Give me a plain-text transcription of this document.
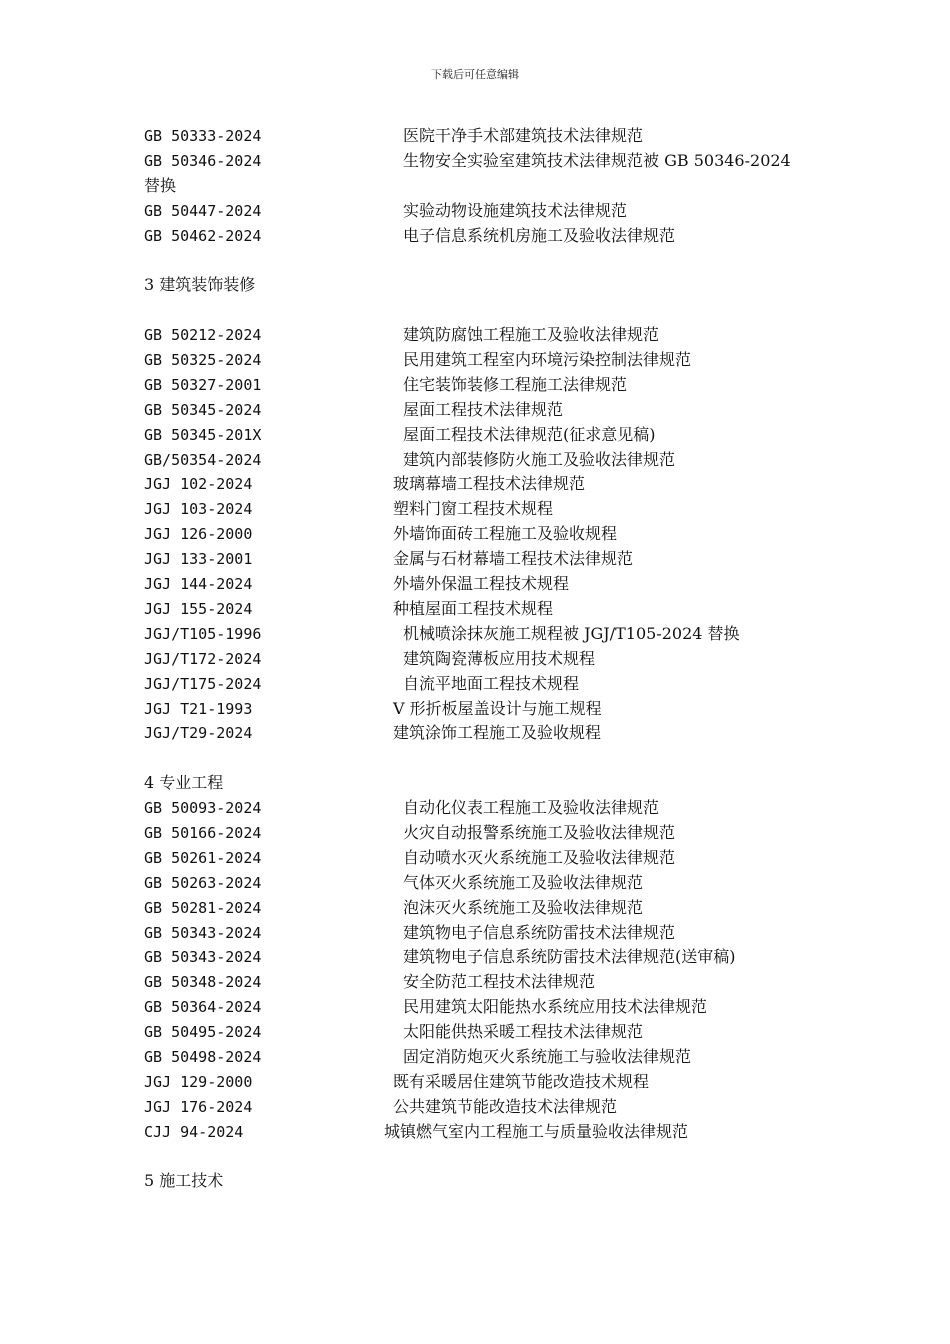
下载后可任意编辑
GB 50333-2024	医院干净手术部建筑技术法律规范
GB 50346-2024	生物安全实验室建筑技术法律规范被 GB 50346-2024 替换
GB 50447-2024	实验动物设施建筑技术法律规范
GB 50462-2024	电子信息系统机房施工及验收法律规范
3 建筑装饰装修
GB 50212-2024	建筑防腐蚀工程施工及验收法律规范
GB 50325-2024	民用建筑工程室内环境污染控制法律规范
GB 50327-2001	住宅装饰装修工程施工法律规范
GB 50345-2024	屋面工程技术法律规范
GB 50345-201X	屋面工程技术法律规范(征求意见稿)
GB/50354-2024	建筑内部装修防火施工及验收法律规范
JGJ 102-2024	玻璃幕墙工程技术法律规范
JGJ 103-2024	塑料门窗工程技术规程
JGJ 126-2000	外墙饰面砖工程施工及验收规程
JGJ 133-2001	金属与石材幕墙工程技术法律规范
JGJ 144-2024	外墙外保温工程技术规程
JGJ 155-2024	种植屋面工程技术规程
JGJ/T105-1996	机械喷涂抹灰施工规程被 JGJ/T105-2024 替换
JGJ/T172-2024	建筑陶瓷薄板应用技术规程
JGJ/T175-2024	自流平地面工程技术规程
JGJ T21-1993	V 形折板屋盖设计与施工规程
JGJ/T29-2024	建筑涂饰工程施工及验收规程
4 专业工程
GB 50093-2024	自动化仪表工程施工及验收法律规范
GB 50166-2024	火灾自动报警系统施工及验收法律规范
GB 50261-2024	自动喷水灭火系统施工及验收法律规范
GB 50263-2024	气体灭火系统施工及验收法律规范
GB 50281-2024	泡沫灭火系统施工及验收法律规范
GB 50343-2024	建筑物电子信息系统防雷技术法律规范
GB 50343-2024	建筑物电子信息系统防雷技术法律规范(送审稿)
GB 50348-2024	安全防范工程技术法律规范
GB 50364-2024	民用建筑太阳能热水系统应用技术法律规范
GB 50495-2024	太阳能供热采暖工程技术法律规范
GB 50498-2024	固定消防炮灭火系统施工与验收法律规范
JGJ 129-2000	既有采暖居住建筑节能改造技术规程
JGJ 176-2024	公共建筑节能改造技术法律规范
CJJ 94-2024	城镇燃气室内工程施工与质量验收法律规范
5 施工技术
